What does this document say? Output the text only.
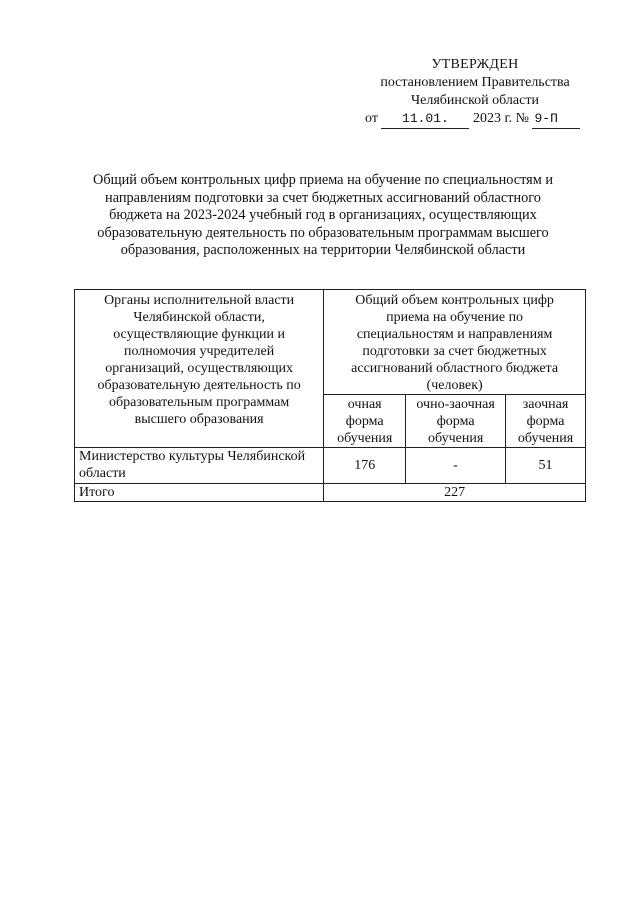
УТВЕРЖДЕН
постановлением Правительства
Челябинской области
от 11.01. 2023 г. № 9-П
Общий объем контрольных цифр приема на обучение по специальностям и
направлениям подготовки за счет бюджетных ассигнований областного
бюджета на 2023-2024 учебный год в организациях, осуществляющих
образовательную деятельность по образовательным программам высшего
образования, расположенных на территории Челябинской области
Органы исполнительной власти Челябинской области, осуществляющие функции и полномочия учредителей организаций, осуществляющих образовательную деятельность по образовательным программам высшего образования	Общий объем контрольных цифр приема на обучение по специальностям и направлениям подготовки за счет бюджетных ассигнований областного бюджета (человек)		
	очная форма обучения	очно-заочная форма обучения	заочная форма обучения
Министерство культуры Челябинской области	176	-	51
Итого	227		
